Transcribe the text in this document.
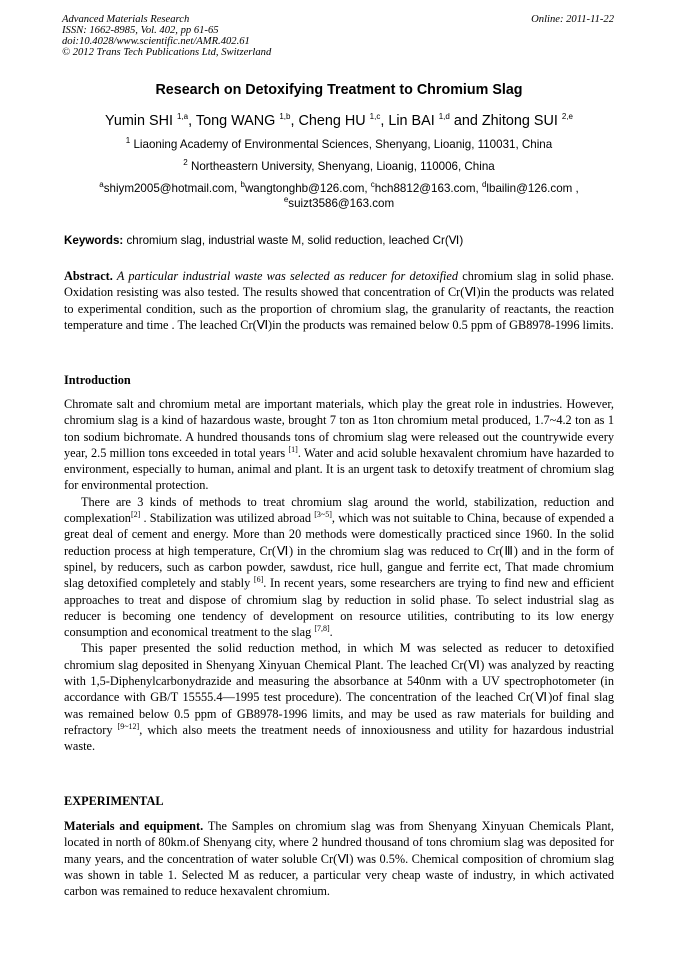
Advanced Materials Research
ISSN: 1662-8985, Vol. 402, pp 61-65
doi:10.4028/www.scientific.net/AMR.402.61
© 2012 Trans Tech Publications Ltd, Switzerland
Online: 2011-11-22
Research on Detoxifying Treatment to Chromium Slag
Yumin SHI $^{1,a}$, Tong WANG $^{1,b}$, Cheng HU $^{1,c}$, Lin BAI $^{1,d}$ and Zhitong SUI $^{2,e}$
$^1$ Liaoning Academy of Environmental Sciences, Shenyang, Lioanig, 110031, China
$^2$ Northeastern University, Shenyang, Lioanig, 110006, China
$^a$shiym2005@hotmail.com, $^b$wangtonghb@126.com, $^c$hch8812@163.com, $^d$lbailin@126.com ,
$^e$suizt3586@163.com
Keywords: chromium slag, industrial waste M, solid reduction, leached Cr(Ⅵ)
Abstract. A particular industrial waste was selected as reducer for detoxified chromium slag in solid phase. Oxidation resisting was also tested. The results showed that concentration of Cr(Ⅵ)in the products was related to experimental condition, such as the proportion of chromium slag, the granularity of reactants, the reaction temperature and time . The leached Cr(Ⅵ)in the products was remained below 0.5 ppm of GB8978-1996 limits.
Introduction

Chromate salt and chromium metal are important materials, which play the great role in industries. However, chromium slag is a kind of hazardous waste, brought 7 ton as 1ton chromium metal produced, 1.7~4.2 ton as 1 ton sodium bichromate. A hundred thousands tons of chromium slag were released out the countrywide every year, 2.5 million tons exceeded in total years [1]. Water and acid soluble hexavalent chromium have hazarded to environment, especially to human, animal and plant. It is an urgent task to detoxify treatment of chromium slag for environmental protection.

There are 3 kinds of methods to treat chromium slag around the world, stabilization, reduction and complexation[2] . Stabilization was utilized abroad [3~5], which was not suitable to China, because of expended a great deal of cement and energy. More than 20 methods were domestically practiced since 1960. In the solid reduction process at high temperature, Cr(Ⅵ) in the chromium slag was reduced to Cr(Ⅲ) and in the form of spinel, by reducers, such as carbon powder, sawdust, rice hull, gangue and ferrite ect, That made chromium slag detoxified completely and stably [6]. In recent years, some researchers are trying to find new and efficient approaches to treat and dispose of chromium slag by reduction in solid phase. To select industrial slag as reducer is becoming one tendency of development on resource utilities, contributing to its low energy consumption and economical treatment to the slag [7,8].

This paper presented the solid reduction method, in which M was selected as reducer to detoxified chromium slag deposited in Shenyang Xinyuan Chemical Plant. The leached Cr(Ⅵ) was analyzed by reacting with 1,5-Diphenylcarbonydrazide and measuring the absorbance at 540nm with a UV spectrophotometer (in accordance with GB/T 15555.4—1995 test procedure). The concentration of the leached Cr(Ⅵ)of final slag was remained below 0.5 ppm of GB8978-1996 limits, and may be used as raw materials for building and refractory [9~12], which also meets the treatment needs of innoxiousness and utility for hazardous industrial waste.

EXPERIMENTAL
Materials and equipment. The Samples on chromium slag was from Shenyang Xinyuan Chemicals Plant, located in north of 80km.of Shenyang city, where 2 hundred thousand of tons chromium slag was deposited for many years, and the concentration of water soluble Cr(Ⅵ) was 0.5%. Chemical composition of chromium slag was shown in table 1. Selected M as reducer, a particular very cheap waste of industry, in which activated carbon was remained to reduce hexavalent chromium.
